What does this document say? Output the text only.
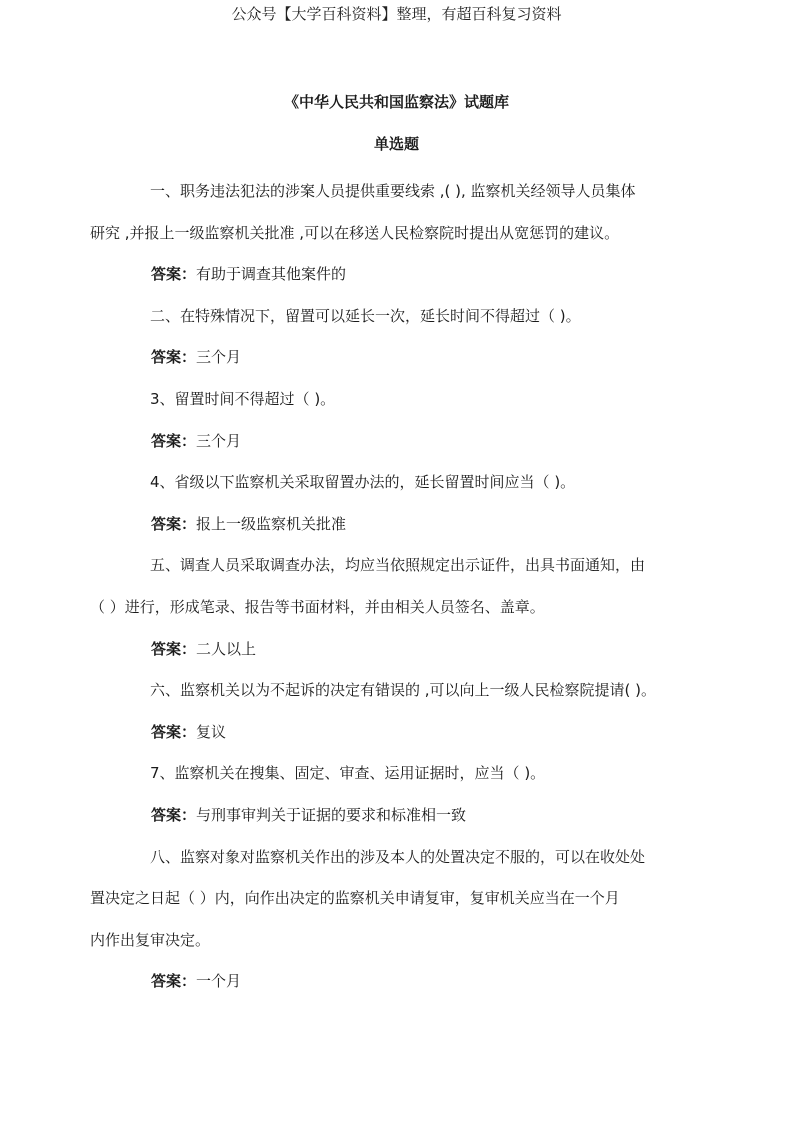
公众号【大学百科资料】整理，有超百科复习资料
《中华人民共和国监察法》试题库
单选题

一、职务违法犯法的涉案人员提供重要线索 ,( ), 监察机关经领导人员集体
研究 ,并报上一级监察机关批准 ,可以在移送人民检察院时提出从宽惩罚的建议。

答案：有助于调查其他案件的

二、在特殊情况下，留置可以延长一次，延长时间不得超过（ )。

答案：三个月

3、留置时间不得超过（ )。

答案：三个月

4、省级以下监察机关采取留置办法的，延长留置时间应当（ )。

答案：报上一级监察机关批准

五、调查人员采取调查办法，均应当依照规定出示证件，出具书面通知，由
（ ）进行，形成笔录、报告等书面材料，并由相关人员签名、盖章。

答案：二人以上

六、监察机关以为不起诉的决定有错误的 ,可以向上一级人民检察院提请( )。

答案：复议

7、监察机关在搜集、固定、审查、运用证据时，应当（ )。

答案：与刑事审判关于证据的要求和标准相一致

八、监察对象对监察机关作出的涉及本人的处置决定不服的，可以在收处处
置决定之日起（ ）内，向作出决定的监察机关申请复审，复审机关应当在一个月
内作出复审决定。

答案：一个月
